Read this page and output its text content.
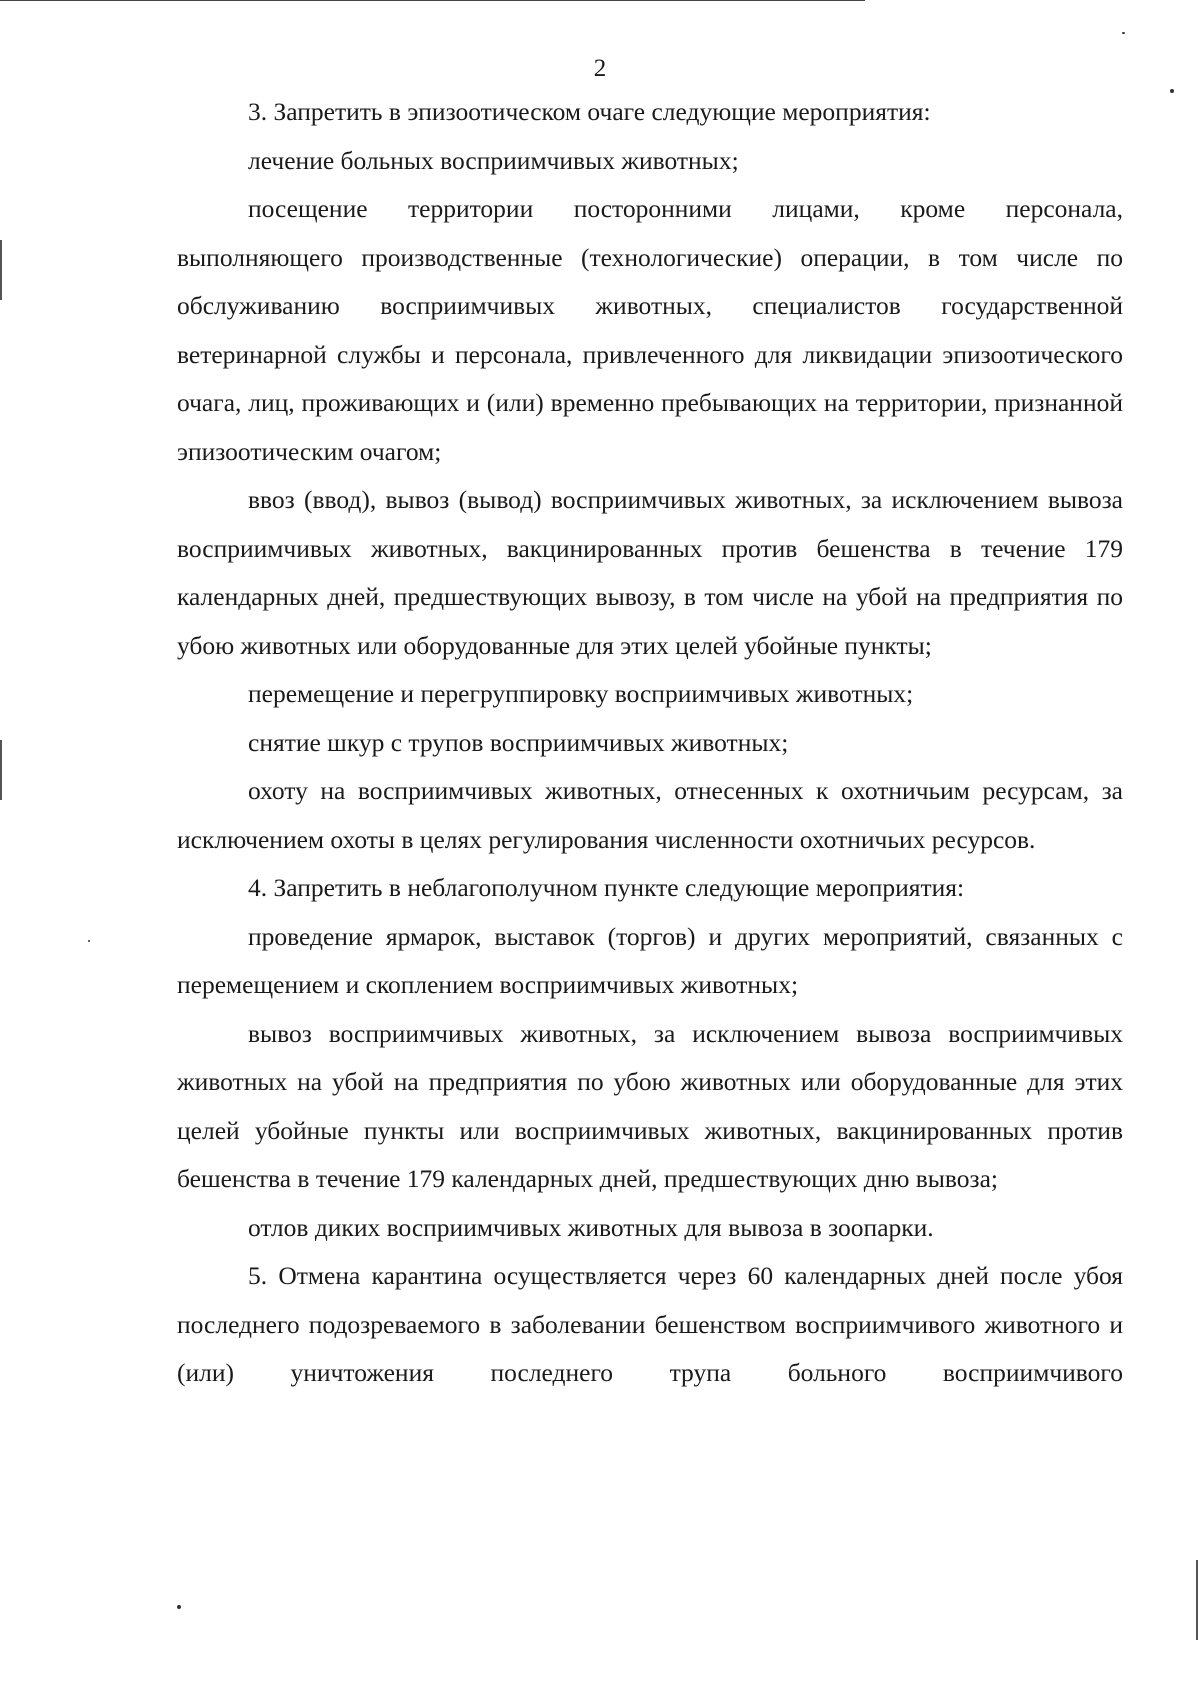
2

3. Запретить в эпизоотическом очаге следующие мероприятия:

лечение больных восприимчивых животных;

посещение территории посторонними лицами, кроме персонала, выполняющего производственные (технологические) операции, в том числе по обслуживанию восприимчивых животных, специалистов государственной ветеринарной службы и персонала, привлеченного для ликвидации эпизоотического очага, лиц, проживающих и (или) временно пребывающих на территории, признанной эпизоотическим очагом;

ввоз (ввод), вывоз (вывод) восприимчивых животных, за исключением вывоза восприимчивых животных, вакцинированных против бешенства в течение 179 календарных дней, предшествующих вывозу, в том числе на убой на предприятия по убою животных или оборудованные для этих целей убойные пункты;

перемещение и перегруппировку восприимчивых животных;

снятие шкур с трупов восприимчивых животных;

охоту на восприимчивых животных, отнесенных к охотничьим ресурсам, за исключением охоты в целях регулирования численности охотничьих ресурсов.

4. Запретить в неблагополучном пункте следующие мероприятия:

проведение ярмарок, выставок (торгов) и других мероприятий, связанных с перемещением и скоплением восприимчивых животных;

вывоз восприимчивых животных, за исключением вывоза восприимчивых животных на убой на предприятия по убою животных или оборудованные для этих целей убойные пункты или восприимчивых животных, вакцинированных против бешенства в течение 179 календарных дней, предшествующих дню вывоза;

отлов диких восприимчивых животных для вывоза в зоопарки.

5. Отмена карантина осуществляется через 60 календарных дней после убоя последнего подозреваемого в заболевании бешенством восприимчивого животного и (или) уничтожения последнего трупа больного восприимчивого
